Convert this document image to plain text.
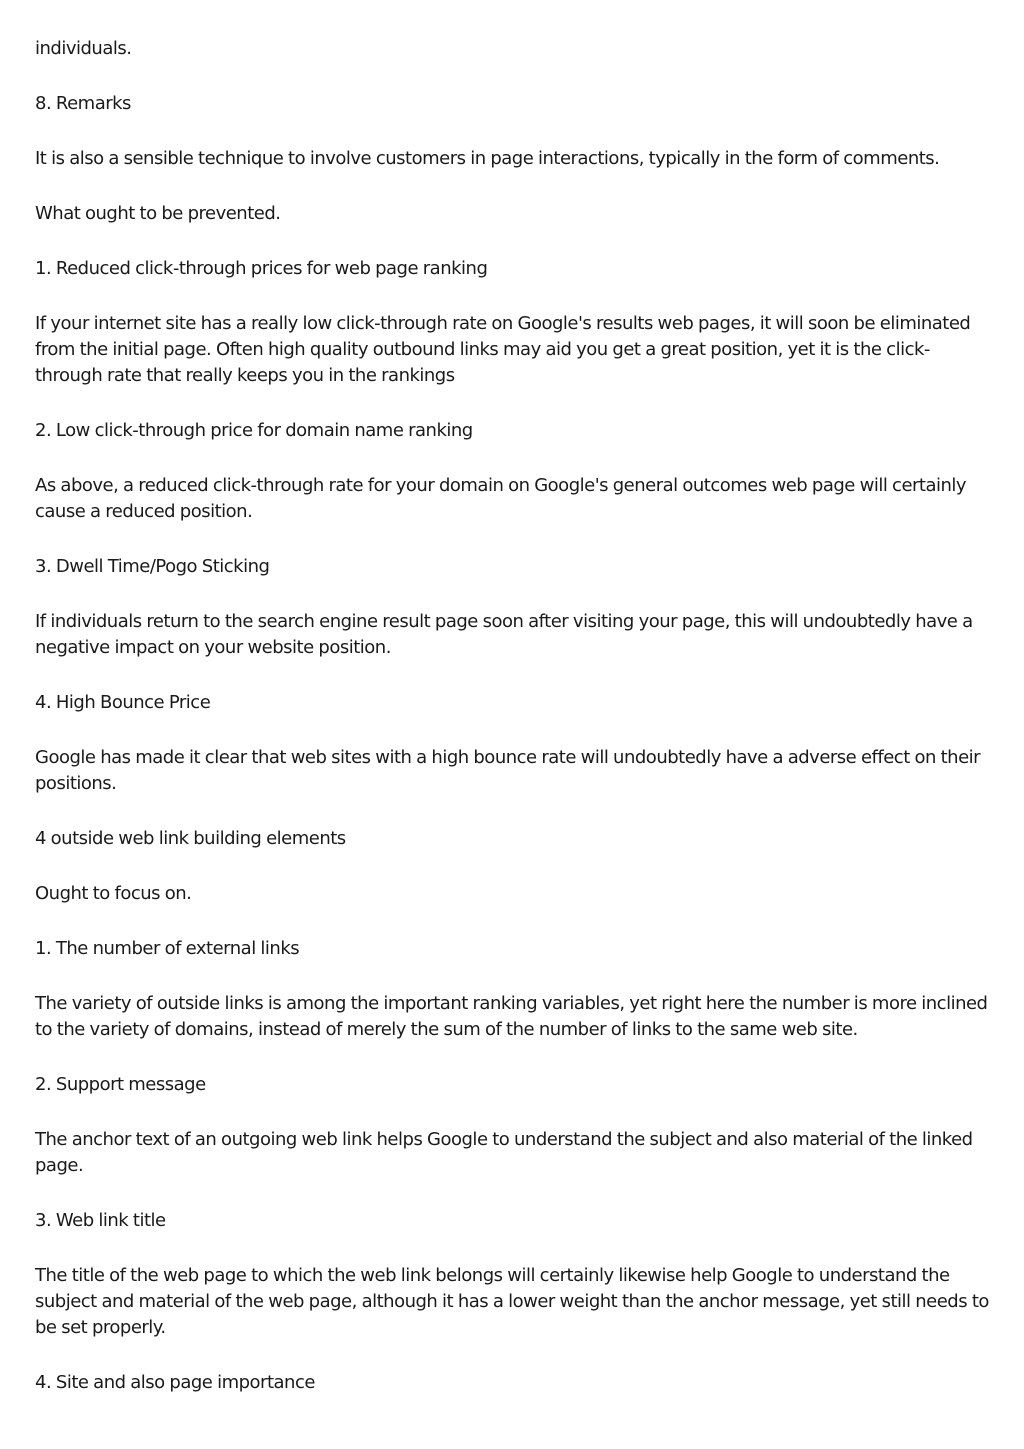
individuals.

8. Remarks

It is also a sensible technique to involve customers in page interactions, typically in the form of comments.

What ought to be prevented.

1. Reduced click-through prices for web page ranking

If your internet site has a really low click-through rate on Google's results web pages, it will soon be eliminated from the initial page. Often high quality outbound links may aid you get a great position, yet it is the click-through rate that really keeps you in the rankings

2. Low click-through price for domain name ranking

As above, a reduced click-through rate for your domain on Google's general outcomes web page will certainly cause a reduced position.

3. Dwell Time/Pogo Sticking

If individuals return to the search engine result page soon after visiting your page, this will undoubtedly have a negative impact on your website position.

4. High Bounce Price

Google has made it clear that web sites with a high bounce rate will undoubtedly have a adverse effect on their positions.

4 outside web link building elements

Ought to focus on.

1. The number of external links

The variety of outside links is among the important ranking variables, yet right here the number is more inclined to the variety of domains, instead of merely the sum of the number of links to the same web site.

2. Support message

The anchor text of an outgoing web link helps Google to understand the subject and also material of the linked page.

3. Web link title

The title of the web page to which the web link belongs will certainly likewise help Google to understand the subject and material of the web page, although it has a lower weight than the anchor message, yet still needs to be set properly.

4. Site and also page importance
